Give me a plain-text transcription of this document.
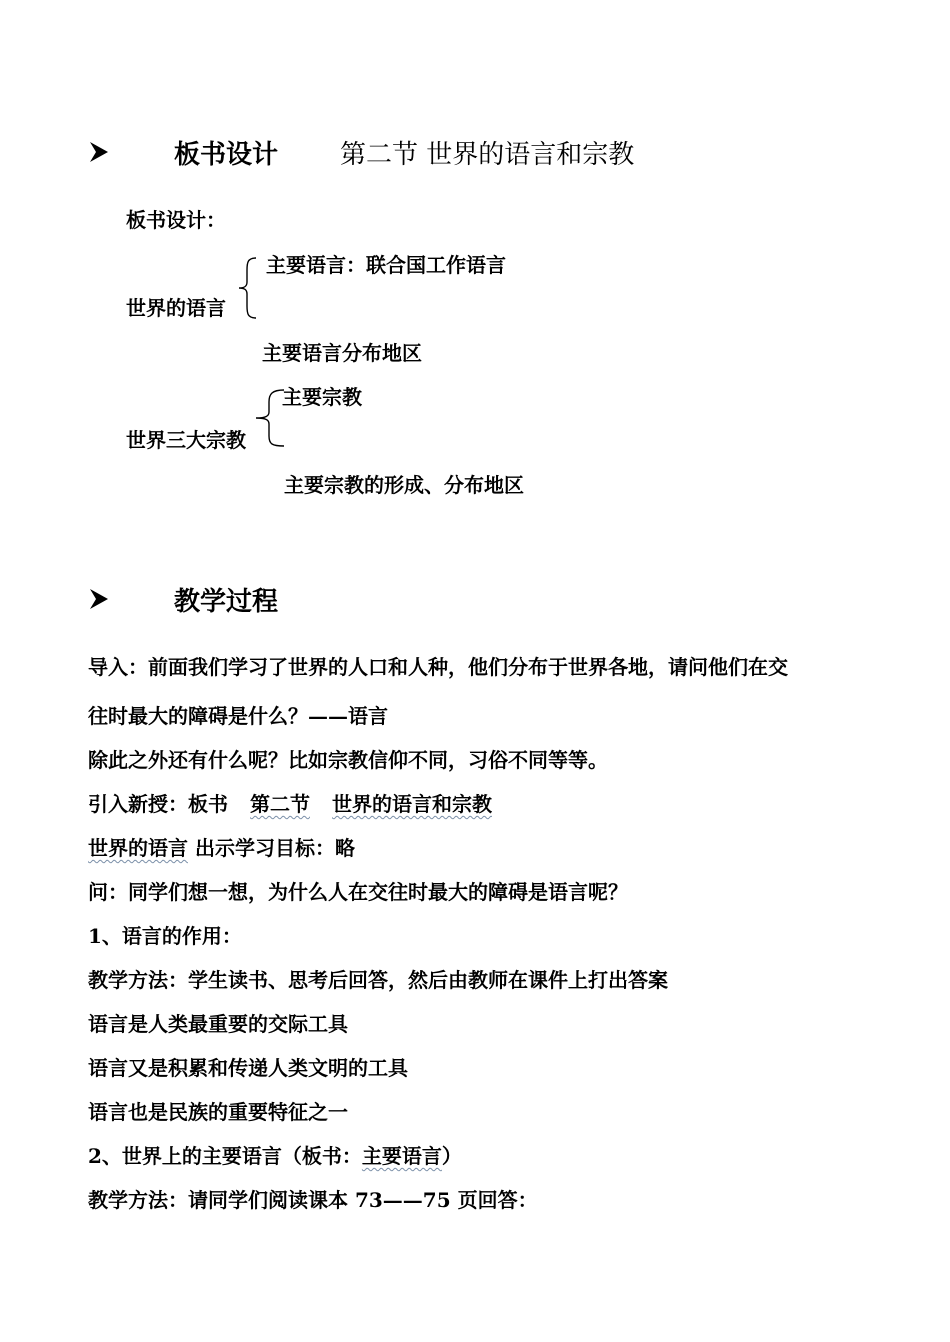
板书设计 第二节 世界的语言和宗教
板书设计：
主要语言：联合国工作语言
世界的语言
主要语言分布地区
主要宗教
世界三大宗教
主要宗教的形成、分布地区
教学过程
导入：前面我们学习了世界的人口和人种，他们分布于世界各地，请问他们在交
往时最大的障碍是什么？——语言
除此之外还有什么呢？比如宗教信仰不同，习俗不同等等。
引入新授：板书 第二节 世界的语言和宗教
世界的语言 出示学习目标：略
问：同学们想一想，为什么人在交往时最大的障碍是语言呢？
1、语言的作用：
教学方法：学生读书、思考后回答，然后由教师在课件上打出答案
语言是人类最重要的交际工具
语言又是积累和传递人类文明的工具
语言也是民族的重要特征之一
2、世界上的主要语言（板书：主要语言）
教学方法：请同学们阅读课本 73——75 页回答：
